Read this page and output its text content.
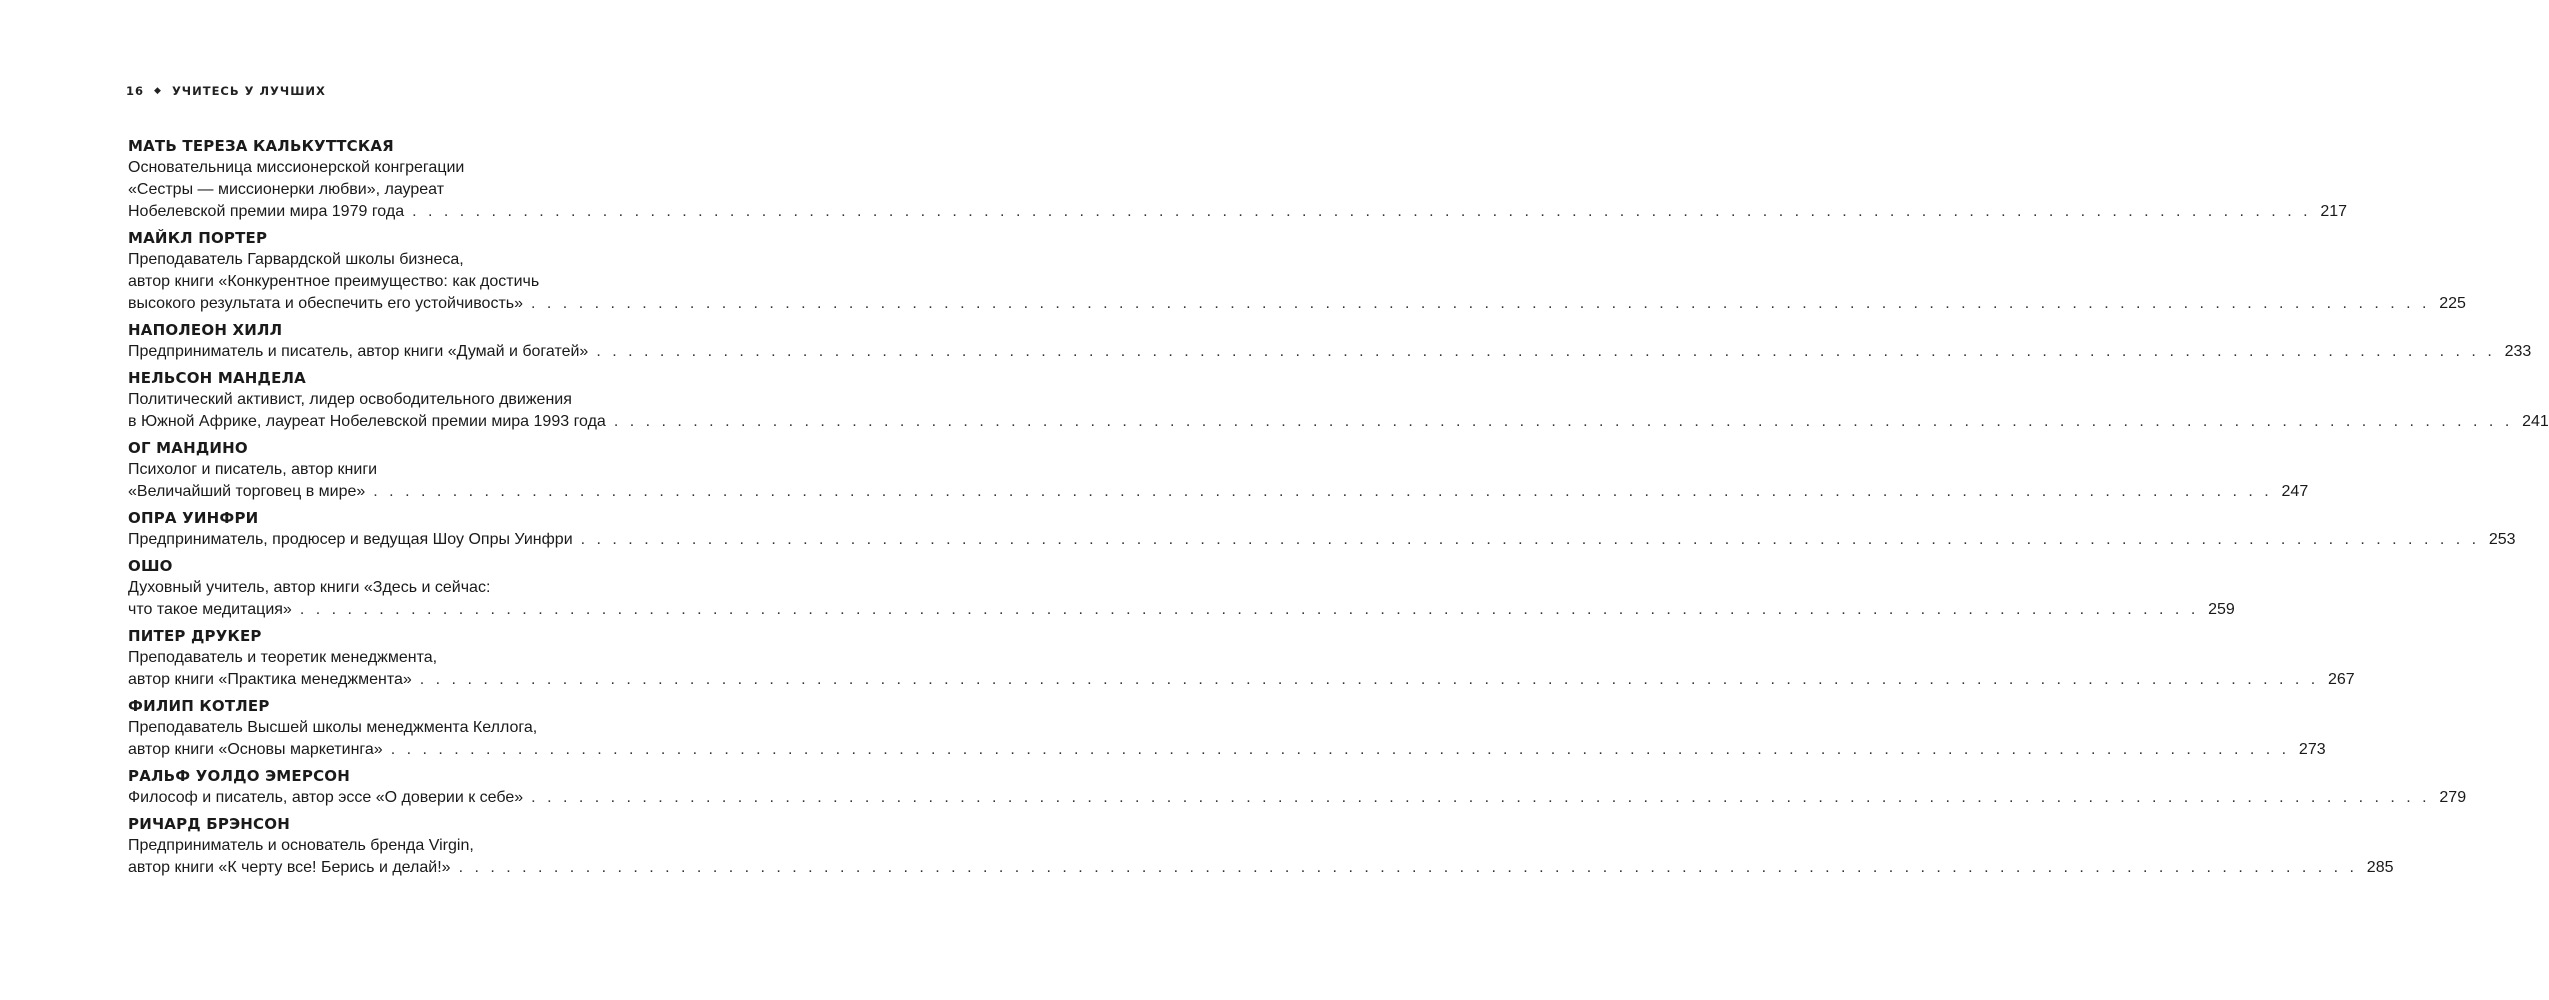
16 ◆ УЧИТЕСЬ У ЛУЧШИХ
МАТЬ ТЕРЕЗА КАЛЬКУТТСКАЯ
Основательница миссионерской конгрегации
«Сестры — миссионерки любви», лауреат
Нобелевской премии мира 1979 года . . . . . . . . . . . . . . . . . . . . . . . . . . . . . . . . . . . . . . . . . . . . . . . . . . . . . . . . . . . . . . . . . . . . . . . . . . . . . . . . . . . . . . . . . . . . . . . . . . . . . . . . . . . . . . . . . . . . . . . . 217
МАЙКЛ ПОРТЕР
Преподаватель Гарвардской школы бизнеса,
автор книги «Конкурентное преимущество: как достичь
высокого результата и обеспечить его устойчивость» . . . . . . . . . . . . . . . . . . . . . . . . . . . . . . . . . . . . . . . . . . . . . . . . . . . . . . . . . . . . . . . . . . . . . . . . . . . . . . . . . . . . . . . . . . . . . . . . . . . . . . . . . . . . . . . . . . . . . . . . 225
НАПОЛЕОН ХИЛЛ
Предприниматель и писатель, автор книги «Думай и богатей» . . . . . . . . . . . . . . . . . . . . . . . . . . . . . . . . . . . . . . . . . . . . . . . . . . . . . . . . . . . . . . . . . . . . . . . . . . . . . . . . . . . . . . . . . . . . . . . . . . . . . . . . . . . . . . . . . . . . . . . . 233
НЕЛЬСОН МАНДЕЛА
Политический активист, лидер освободительного движения
в Южной Африке, лауреат Нобелевской премии мира 1993 года . . . . . . . . . . . . . . . . . . . . . . . . . . . . . . . . . . . . . . . . . . . . . . . . . . . . . . . . . . . . . . . . . . . . . . . . . . . . . . . . . . . . . . . . . . . . . . . . . . . . . . . . . . . . . . . . . . . . . . . . 241
ОГ МАНДИНО
Психолог и писатель, автор книги
«Величайший торговец в мире» . . . . . . . . . . . . . . . . . . . . . . . . . . . . . . . . . . . . . . . . . . . . . . . . . . . . . . . . . . . . . . . . . . . . . . . . . . . . . . . . . . . . . . . . . . . . . . . . . . . . . . . . . . . . . . . . . . . . . . . . 247
ОПРА УИНФРИ
Предприниматель, продюсер и ведущая Шоу Опры Уинфри . . . . . . . . . . . . . . . . . . . . . . . . . . . . . . . . . . . . . . . . . . . . . . . . . . . . . . . . . . . . . . . . . . . . . . . . . . . . . . . . . . . . . . . . . . . . . . . . . . . . . . . . . . . . . . . . . . . . . . . . 253
ОШО
Духовный учитель, автор книги «Здесь и сейчас:
что такое медитация» . . . . . . . . . . . . . . . . . . . . . . . . . . . . . . . . . . . . . . . . . . . . . . . . . . . . . . . . . . . . . . . . . . . . . . . . . . . . . . . . . . . . . . . . . . . . . . . . . . . . . . . . . . . . . . . . . . . . . . . . 259
ПИТЕР ДРУКЕР
Преподаватель и теоретик менеджмента,
автор книги «Практика менеджмента» . . . . . . . . . . . . . . . . . . . . . . . . . . . . . . . . . . . . . . . . . . . . . . . . . . . . . . . . . . . . . . . . . . . . . . . . . . . . . . . . . . . . . . . . . . . . . . . . . . . . . . . . . . . . . . . . . . . . . . . . 267
ФИЛИП КОТЛЕР
Преподаватель Высшей школы менеджмента Келлога,
автор книги «Основы маркетинга» . . . . . . . . . . . . . . . . . . . . . . . . . . . . . . . . . . . . . . . . . . . . . . . . . . . . . . . . . . . . . . . . . . . . . . . . . . . . . . . . . . . . . . . . . . . . . . . . . . . . . . . . . . . . . . . . . . . . . . . . 273
РАЛЬФ УОЛДО ЭМЕРСОН
Философ и писатель, автор эссе «О доверии к себе» . . . . . . . . . . . . . . . . . . . . . . . . . . . . . . . . . . . . . . . . . . . . . . . . . . . . . . . . . . . . . . . . . . . . . . . . . . . . . . . . . . . . . . . . . . . . . . . . . . . . . . . . . . . . . . . . . . . . . . . . 279
РИЧАРД БРЭНСОН
Предприниматель и основатель бренда Virgin,
автор книги «К черту все! Берись и делай!» . . . . . . . . . . . . . . . . . . . . . . . . . . . . . . . . . . . . . . . . . . . . . . . . . . . . . . . . . . . . . . . . . . . . . . . . . . . . . . . . . . . . . . . . . . . . . . . . . . . . . . . . . . . . . . . . . . . . . . . . 285
